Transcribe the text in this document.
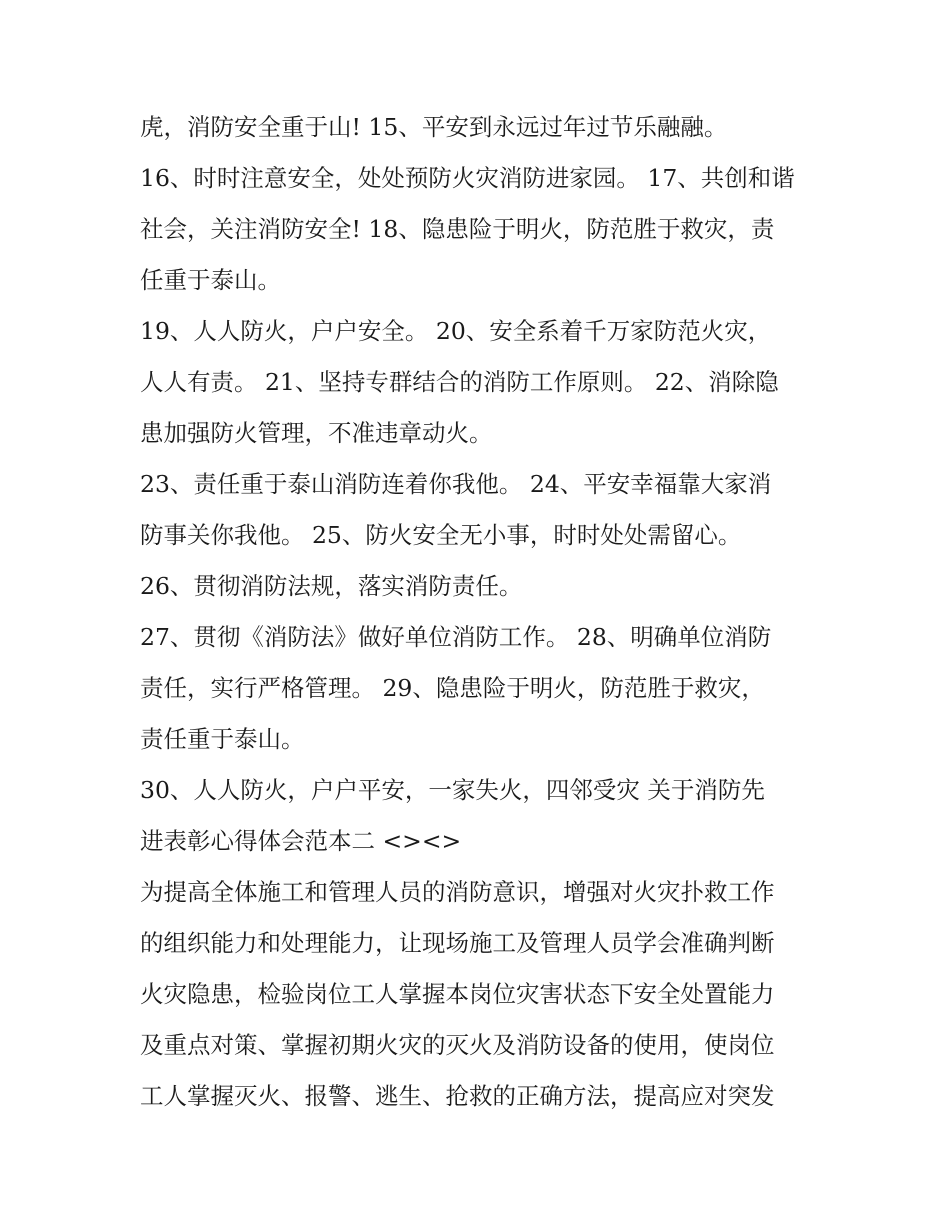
虎，消防安全重于山! 15、平安到永远过年过节乐融融。
16、时时注意安全，处处预防火灾消防进家园。 17、共创和谐
社会，关注消防安全! 18、隐患险于明火，防范胜于救灾，责
任重于泰山。
19、人人防火，户户安全。 20、安全系着千万家防范火灾，
人人有责。 21、坚持专群结合的消防工作原则。 22、消除隐
患加强防火管理，不准违章动火。
23、责任重于泰山消防连着你我他。 24、平安幸福靠大家消
防事关你我他。 25、防火安全无小事，时时处处需留心。
26、贯彻消防法规，落实消防责任。
27、贯彻《消防法》做好单位消防工作。 28、明确单位消防
责任，实行严格管理。 29、隐患险于明火，防范胜于救灾，
责任重于泰山。
30、人人防火，户户平安，一家失火，四邻受灾 关于消防先
进表彰心得体会范本二 <><>
为提高全体施工和管理人员的消防意识，增强对火灾扑救工作
的组织能力和处理能力，让现场施工及管理人员学会准确判断
火灾隐患，检验岗位工人掌握本岗位灾害状态下安全处置能力
及重点对策、掌握初期火灾的灭火及消防设备的使用，使岗位
工人掌握灭火、报警、逃生、抢救的正确方法，提高应对突发
